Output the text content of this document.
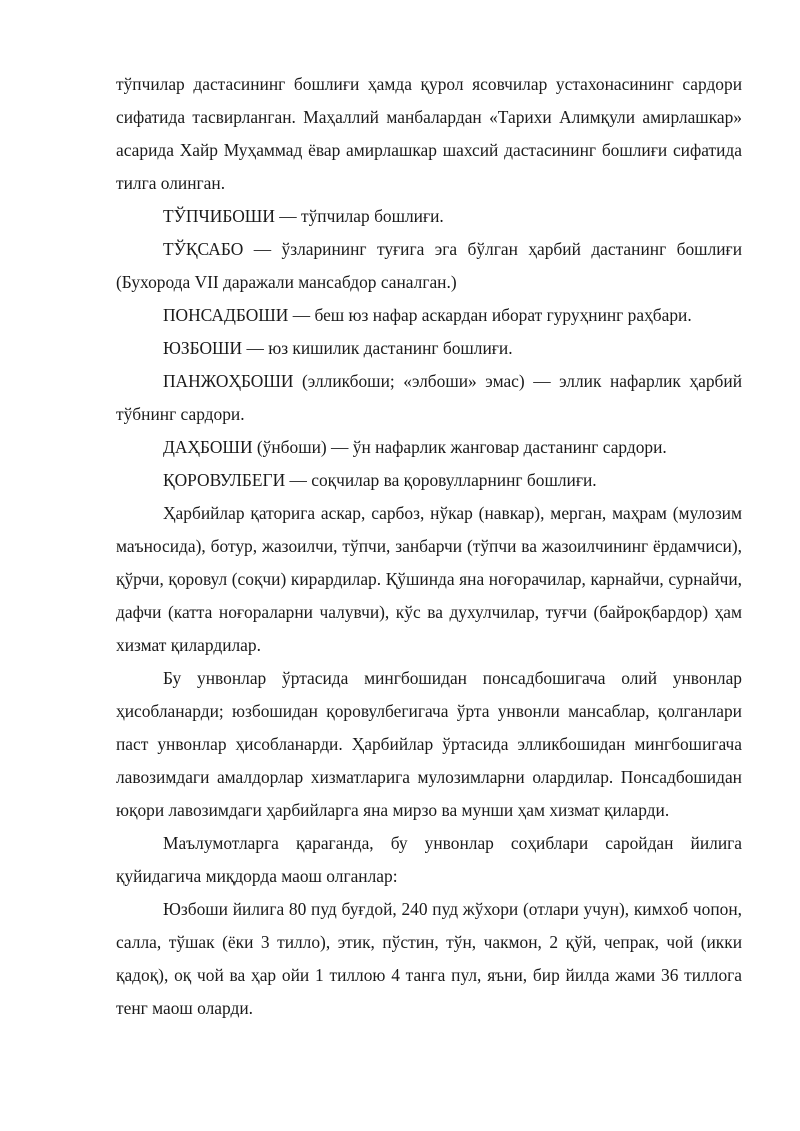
тўпчилар дастасининг бошлиғи ҳамда қурол ясовчилар устахонасининг сардори сифатида тасвирланган. Маҳаллий манбалардан «Тарихи Алимқули амирлашкар» асарида Хайр Муҳаммад ёвар амирлашкар шахсий дастасининг бошлиғи сифатида тилга олинган.

ТЎПЧИБОШИ — тўпчилар бошлиғи.

ТЎҚСАБО — ўзларининг туғига эга бўлган ҳарбий дастанинг бошлиғи (Бухорода VII даражали мансабдор саналган.)

ПОНСАДБОШИ — беш юз нафар аскардан иборат гуруҳнинг раҳбари.

ЮЗБОШИ — юз кишилик дастанинг бошлиғи.

ПАНЖОҲБОШИ (элликбоши; «элбоши» эмас) — эллик нафарлик ҳарбий тўбнинг сардори.

ДАҲБОШИ (ўнбоши) — ўн нафарлик жанговар дастанинг сардори.

ҚОРОВУЛБЕГИ — соқчилар ва қоровулларнинг бошлиғи.

Ҳарбийлар қаторига аскар, сарбоз, нўкар (навкар), мерган, маҳрам (мулозим маъносида), ботур, жазоилчи, тўпчи, занбарчи (тўпчи ва жазоилчининг ёрдамчиси), қўрчи, қоровул (соқчи) кирардилар. Қўшинда яна ноғорачилар, карнайчи, сурнайчи, дафчи (катта ноғораларни чалувчи), кўс ва духулчилар, туғчи (байроқбардор) ҳам хизмат қилардилар.

Бу унвонлар ўртасида мингбошидан понсадбошигача олий унвонлар ҳисобланарди; юзбошидан қоровулбегигача ўрта унвонли мансаблар, қолганлари паст унвонлар ҳисобланарди. Ҳарбийлар ўртасида элликбошидан мингбошигача лавозимдаги амалдорлар хизматларига мулозимларни олардилар. Понсадбошидан юқори лавозимдаги ҳарбийларга яна мирзо ва мунши ҳам хизмат қиларди.

Маълумотларга қараганда, бу унвонлар соҳиблари саройдан йилига қуйидагича миқдорда маош олганлар:

Юзбоши йилига 80 пуд буғдой, 240 пуд жўхори (отлари учун), кимхоб чопон, салла, тўшак (ёки 3 тилло), этик, пўстин, тўн, чакмон, 2 қўй, чепрак, чой (икки қадоқ), оқ чой ва ҳар ойи 1 тиллою 4 танга пул, яъни, бир йилда жами 36 тиллога тенг маош оларди.
